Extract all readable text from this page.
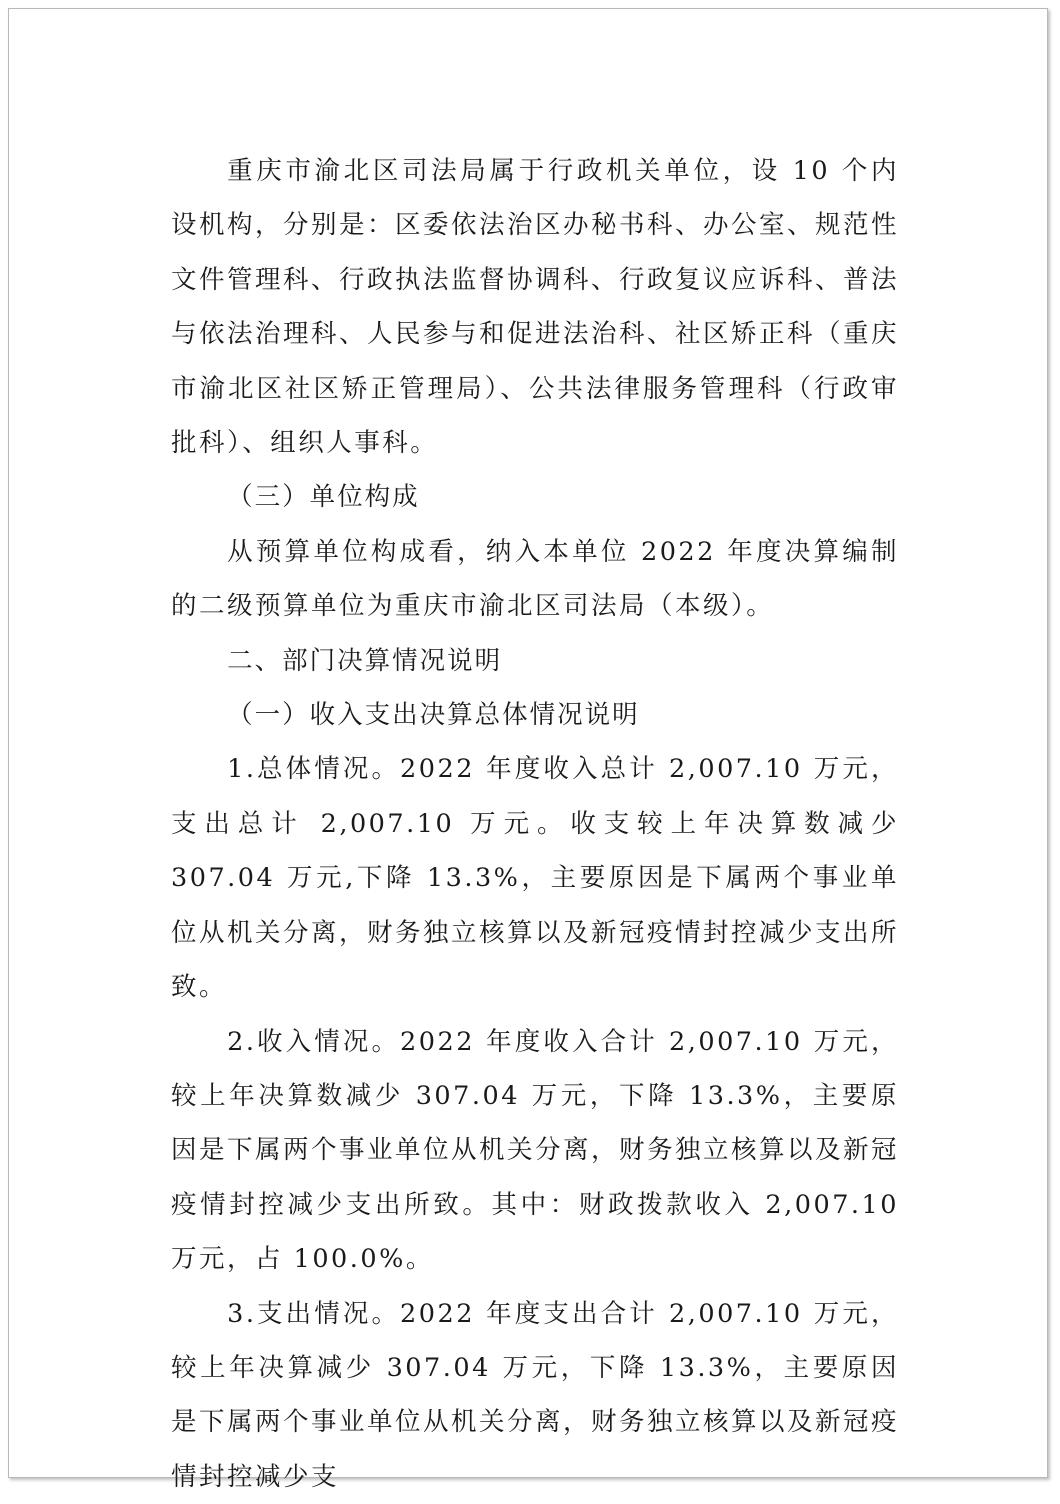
重庆市渝北区司法局属于行政机关单位，设 10 个内设机构，分别是：区委依法治区办秘书科、办公室、规范性文件管理科、行政执法监督协调科、行政复议应诉科、普法与依法治理科、人民参与和促进法治科、社区矫正科（重庆市渝北区社区矫正管理局）、公共法律服务管理科（行政审批科）、组织人事科。

（三）单位构成

从预算单位构成看，纳入本单位 2022 年度决算编制的二级预算单位为重庆市渝北区司法局（本级）。

二、部门决算情况说明

（一）收入支出决算总体情况说明

1.总体情况。2022 年度收入总计 2,007.10 万元，支出总计 2,007.10 万元。收支较上年决算数减少 307.04 万元,下降 13.3%，主要原因是下属两个事业单位从机关分离，财务独立核算以及新冠疫情封控减少支出所致。

2.收入情况。2022 年度收入合计 2,007.10 万元，较上年决算数减少 307.04 万元，下降 13.3%，主要原因是下属两个事业单位从机关分离，财务独立核算以及新冠疫情封控减少支出所致。其中：财政拨款收入 2,007.10 万元，占 100.0%。

3.支出情况。2022 年度支出合计 2,007.10 万元，较上年决算减少 307.04 万元，下降 13.3%，主要原因是下属两个事业单位从机关分离，财务独立核算以及新冠疫情封控减少支
